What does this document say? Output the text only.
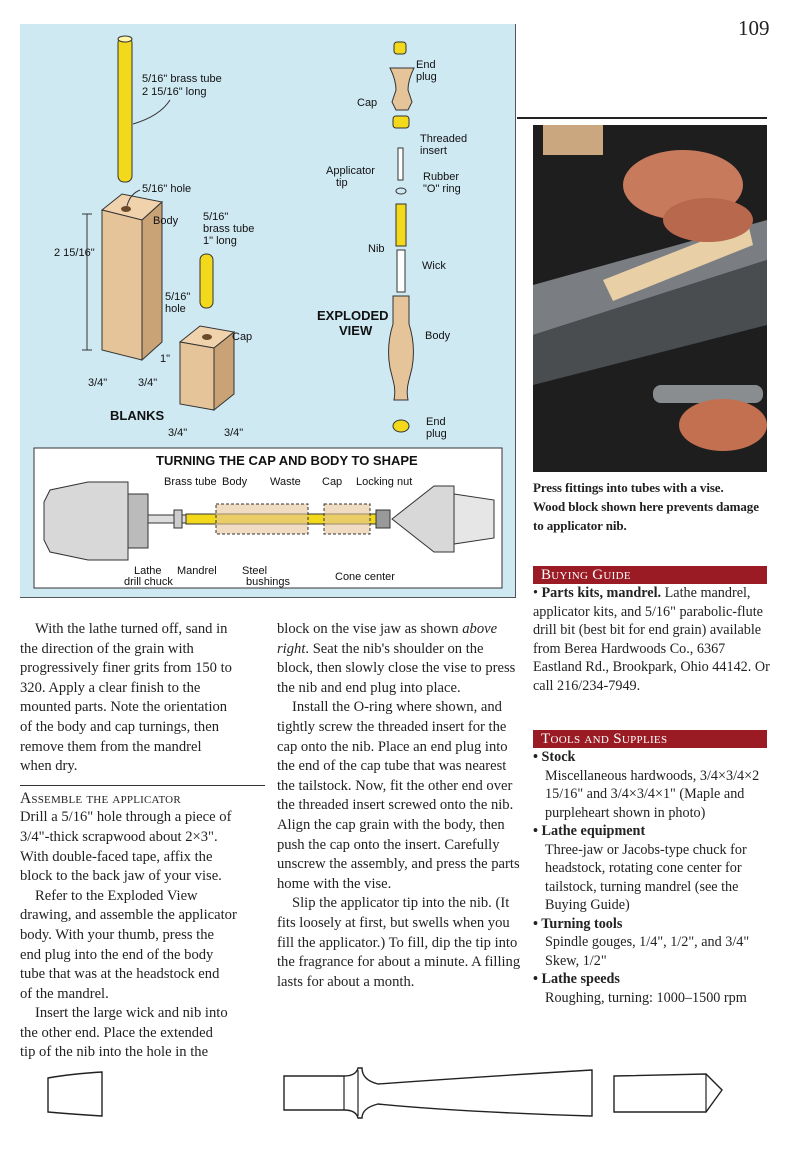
109
5/16" brass tube
2 15/16" long
5/16" hole
Body
2 15/16"
3/4"	3/4"
5/16"
brass tube
1" long
5/16"
hole
Cap
1"
3/4"	3/4"
BLANKS
End
plug
Cap
Threaded
insert
Applicator
tip	Rubber
"O" ring
Nib
Wick
EXPLODED
VIEW	Body
End
plug
TURNING THE CAP AND BODY TO SHAPE
Brass tube Body Waste Cap Locking nut
Lathe
drill chuck
Mandrel Steel
bushings	Cone center
Press fittings into tubes with a vise.
Wood block shown here prevents damage
to applicator nib.

With the lathe turned off, sand in
the direction of the grain with
progressively finer grits from 150 to
320. Apply a clear finish to the
mounted parts. Note the orientation
of the body and cap turnings, then
remove them from the mandrel
when dry.

Assemble the applicator

Drill a 5/16" hole through a piece of
3/4"-thick scrapwood about 2×3".
With double-faced tape, affix the
block to the back jaw of your vise.

Refer to the Exploded View
drawing, and assemble the applicator
body. With your thumb, press the
end plug into the end of the body
tube that was at the headstock end
of the mandrel.

Insert the large wick and nib into
the other end. Place the extended
tip of the nib into the hole in the

block on the vise jaw as shown above right. Seat the nib's shoulder on the block, then slowly close the vise to press the nib and end plug into place.

Install the O-ring where shown, and tightly screw the threaded insert for the cap onto the nib. Place an end plug into the end of the cap tube that was nearest the tailstock. Now, fit the other end over the threaded insert screwed onto the nib. Align the cap grain with the body, then push the cap onto the insert. Carefully unscrew the assembly, and press the parts home with the vise.

Slip the applicator tip into the nib. (It fits loosely at first, but swells when you fill the applicator.) To fill, dip the tip into the fragrance for about a minute. A filling lasts for about a month.

Buying Guide

• Parts kits, mandrel. Lathe mandrel, applicator kits, and 5/16" parabolic-flute drill bit (best bit for end grain) available from Berea Hardwoods Co., 6367 Eastland Rd., Brookpark, Ohio 44142. Or call 216/234-7949.

Tools and Supplies

• Stock

Miscellaneous hardwoods, 3/4×3/4×2 15/16" and 3/4×3/4×1" (Maple and purpleheart shown in photo)

• Lathe equipment

Three-jaw or Jacobs-type chuck for headstock, rotating cone center for tailstock, turning mandrel (see the Buying Guide)

• Turning tools

Spindle gouges, 1/4", 1/2", and 3/4" Skew, 1/2"

• Lathe speeds

Roughing, turning: 1000–1500 rpm
